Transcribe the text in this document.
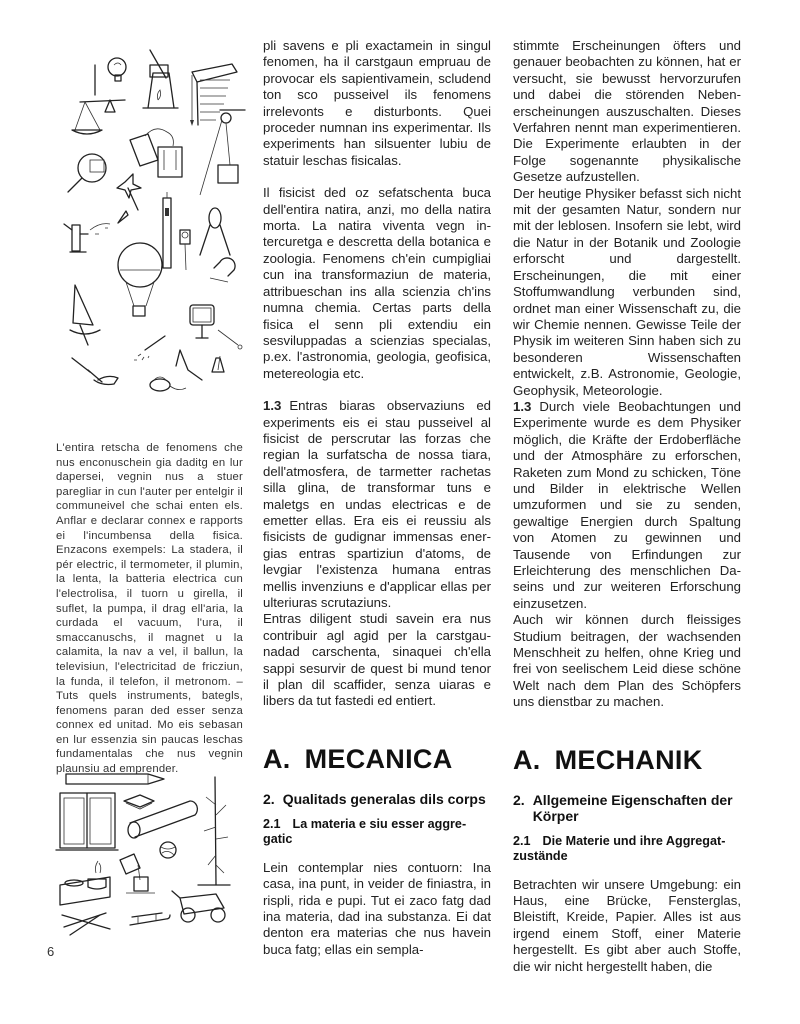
L'entira retscha de fenomens che nus enconuschein gia daditg en lur dapersei, vegnin nus a stuer paregliar in cun l'auter per entelgir il communeivel che schai enten els. Anflar e declarar connex e rapports ei l'incumbensa della fisica. Enzacons exempels: La stadera, il pér electric, il termometer, il plumin, la lenta, la batteria electrica cun l'electrolisa, il tuorn u girella, il suflet, la pumpa, il drag ell'aria, la curdada el vacuum, l'ura, il smaccanuschs, il magnet u la calamita, la nav a vel, il ballun, la televisiun, l'electricitad de fricziun, la funda, il telefon, il metronom. – Tuts quels instruments, bategls, fenomens paran ded esser senza connex ed unitad. Mo eis sebasan en lur essenzia sin paucas leschas fundamentalas che nus vegnin plaunsiu ad emprender.

6

pli savens e pli exactamein in singul fenomen, ha il carstgaun empruau de provocar els sapientivamein, scludend ton sco pusseivel ils fenomens irrelevonts e disturbonts. Quei proceder numnan ins experimentar. Ils experiments han silsuenter lubiu de statuir leschas fisicalas.

Il fisicist ded oz sefatschenta buca dell'entira natira, anzi, mo della natira morta. La natira viventa vegn intercuretga e descretta della botanica e zoologia. Fenomens ch'ein cumpigliai cun ina transformaziun de materia, attribueschan ins alla scienzia ch'ins numna chemia. Certas parts della fisica el senn pli extendiu ein sesviluppadas a scienzias specialas, p.ex. l'astronomia, geologia, geofisica, metereologia etc.

1.3 Entras biaras observaziuns ed experiments eis ei stau pusseivel al fisicist de perscrutar las forzas che regian la surfatscha de nossa tiara, dell'atmosfera, de tarmetter rachetas silla glina, de transformar tuns e maletgs en undas electricas e de emetter ellas. Era eis ei reussiu als fisicists de gudignar immensas energias entras spartiziun d'atoms, de levgiar l'existenza humana entras mellis invenziuns e d'applicar ellas per ulteriuras scrutaziuns.

Entras diligent studi savein era nus contribuir agl agid per la carstgaunadad carschenta, sinaquei ch'ella sappi sesurvir de quest bi mund tenor il plan dil scaffider, senza uiaras e libers da tut fastedi ed entiert.

A. MECANICA
2. Qualitads generalas dils corps
2.1 La materia e siu esser aggregatic

Lein contemplar nies contuorn: Ina casa, ina punt, in veider de finiastra, in rispli, rida e pupi. Tut ei zaco fatg dad ina materia, dad ina substanza. Ei dat denton era materias che nus havein buca fatg; ellas ein sempla-

stimmte Erscheinungen öfters und genauer beobachten zu können, hat er versucht, sie bewusst hervorzurufen und dabei die störenden Nebenerscheinungen auszuschalten. Dieses Verfahren nennt man experimentieren. Die Experimente erlaubten in der Folge sogenannte physikalische Gesetze aufzustellen.

Der heutige Physiker befasst sich nicht mit der gesamten Natur, sondern nur mit der leblosen. Insofern sie lebt, wird die Natur in der Botanik und Zoologie erforscht und dargestellt. Erscheinungen, die mit einer Stoffumwandlung verbunden sind, ordnet man einer Wissenschaft zu, die wir Chemie nennen. Gewisse Teile der Physik im weiteren Sinn haben sich zu besonderen Wissenschaften entwickelt, z.B. Astronomie, Geologie, Geophysik, Meteorologie.

1.3 Durch viele Beobachtungen und Experimente wurde es dem Physiker möglich, die Kräfte der Erdoberfläche und der Atmosphäre zu erforschen, Raketen zum Mond zu schicken, Töne und Bilder in elektrische Wellen umzuformen und sie zu senden, gewaltige Energien durch Spaltung von Atomen zu gewinnen und Tausende von Erfindungen zur Erleichterung des menschlichen Daseins und zur weiteren Erforschung einzusetzen.

Auch wir können durch fleissiges Studium beitragen, der wachsenden Menschheit zu helfen, ohne Krieg und frei von seelischem Leid diese schöne Welt nach dem Plan des Schöpfers uns dienstbar zu machen.

A. MECHANIK
2. Allgemeine Eigenschaften der Körper
2.1 Die Materie und ihre Aggregatzustände

Betrachten wir unsere Umgebung: ein Haus, eine Brücke, Fensterglas, Bleistift, Kreide, Papier. Alles ist aus irgend einem Stoff, einer Materie hergestellt. Es gibt aber auch Stoffe, die wir nicht hergestellt haben, die
